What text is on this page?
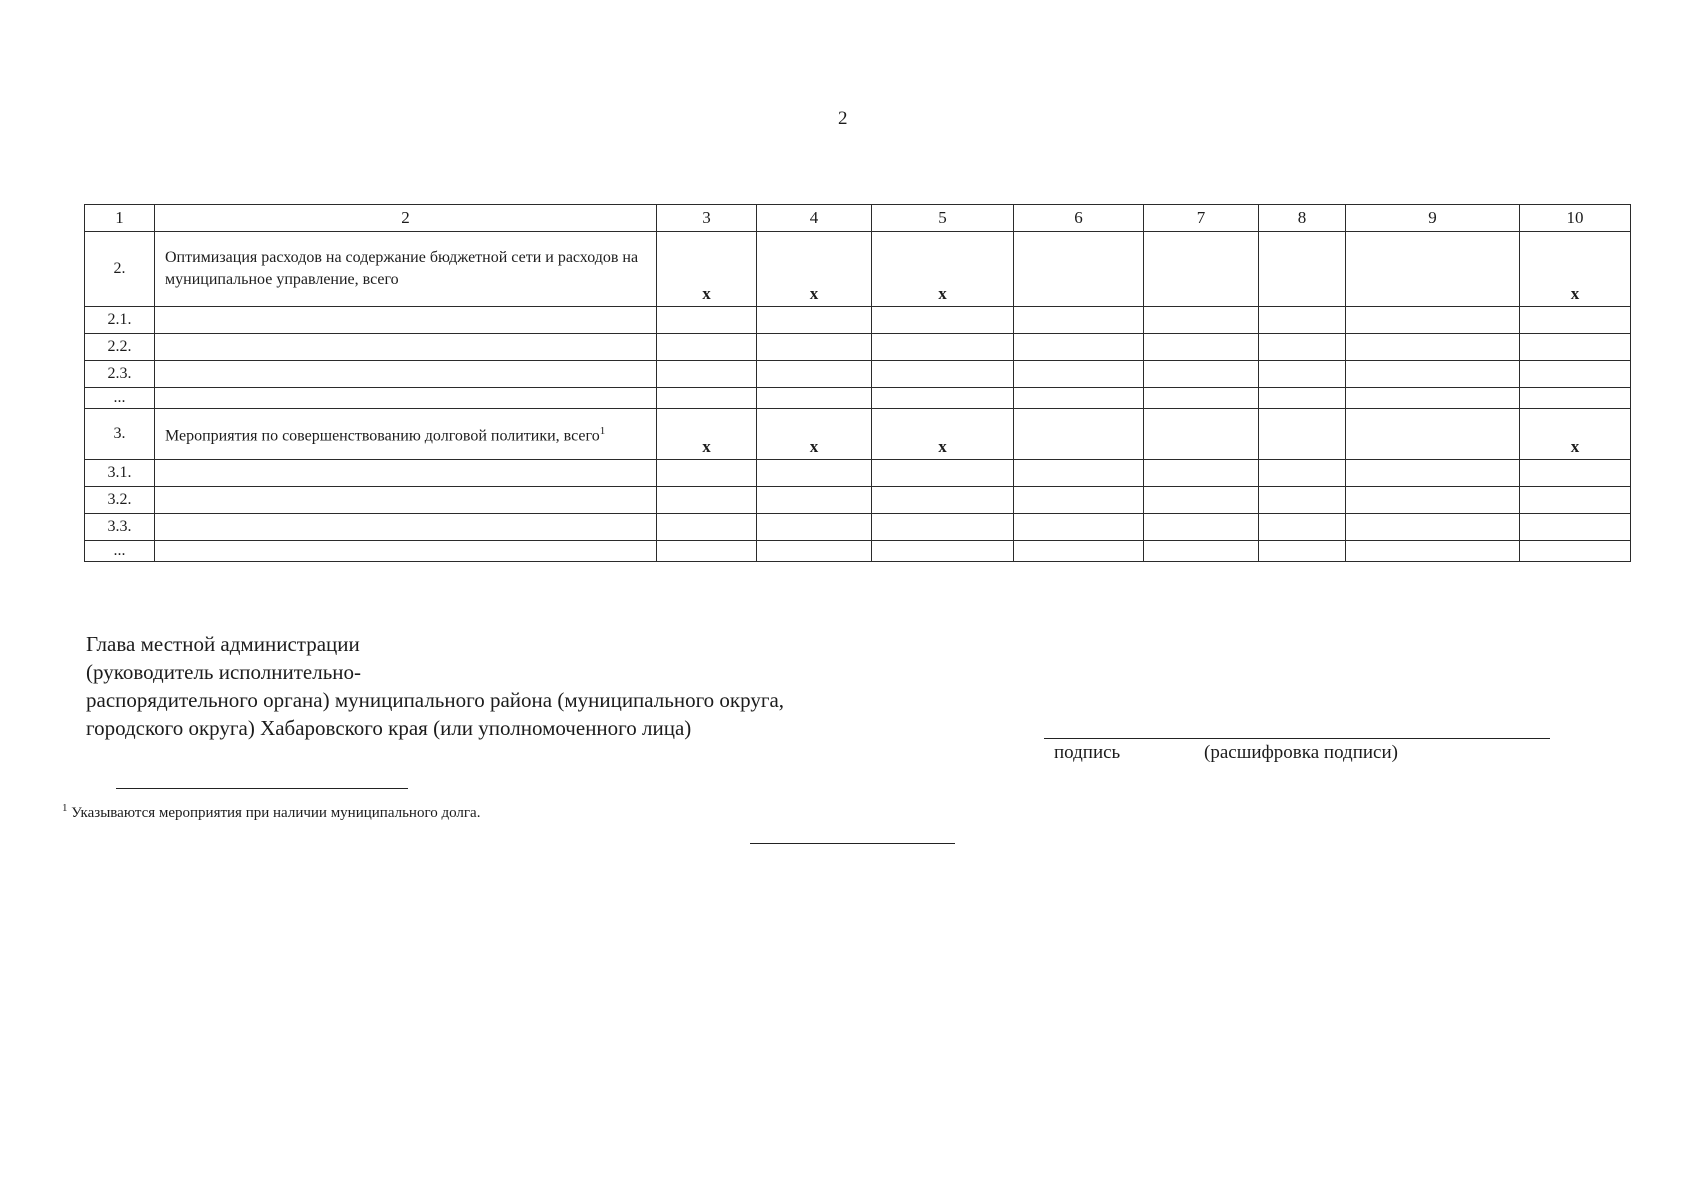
2
1	2	3	4	5	6	7	8	9	10
2.	Оптимизация расходов на содержание бюджетной сети и расходов на муниципальное управление, всего	x	x	x					x
2.1.									
2.2.									
2.3.									
...									
3.	Мероприятия по совершенствованию долговой политики, всего$^1$	x	x	x					x
3.1.									
3.2.									
3.3.									
...									
Глава местной администрации
(руководитель исполнительно-
распорядительного органа) муниципального района (муниципального округа,
городского округа) Хабаровского края (или уполномоченного лица)
подпись	(расшифровка подписи)
$^1$ Указываются мероприятия при наличии муниципального долга.
